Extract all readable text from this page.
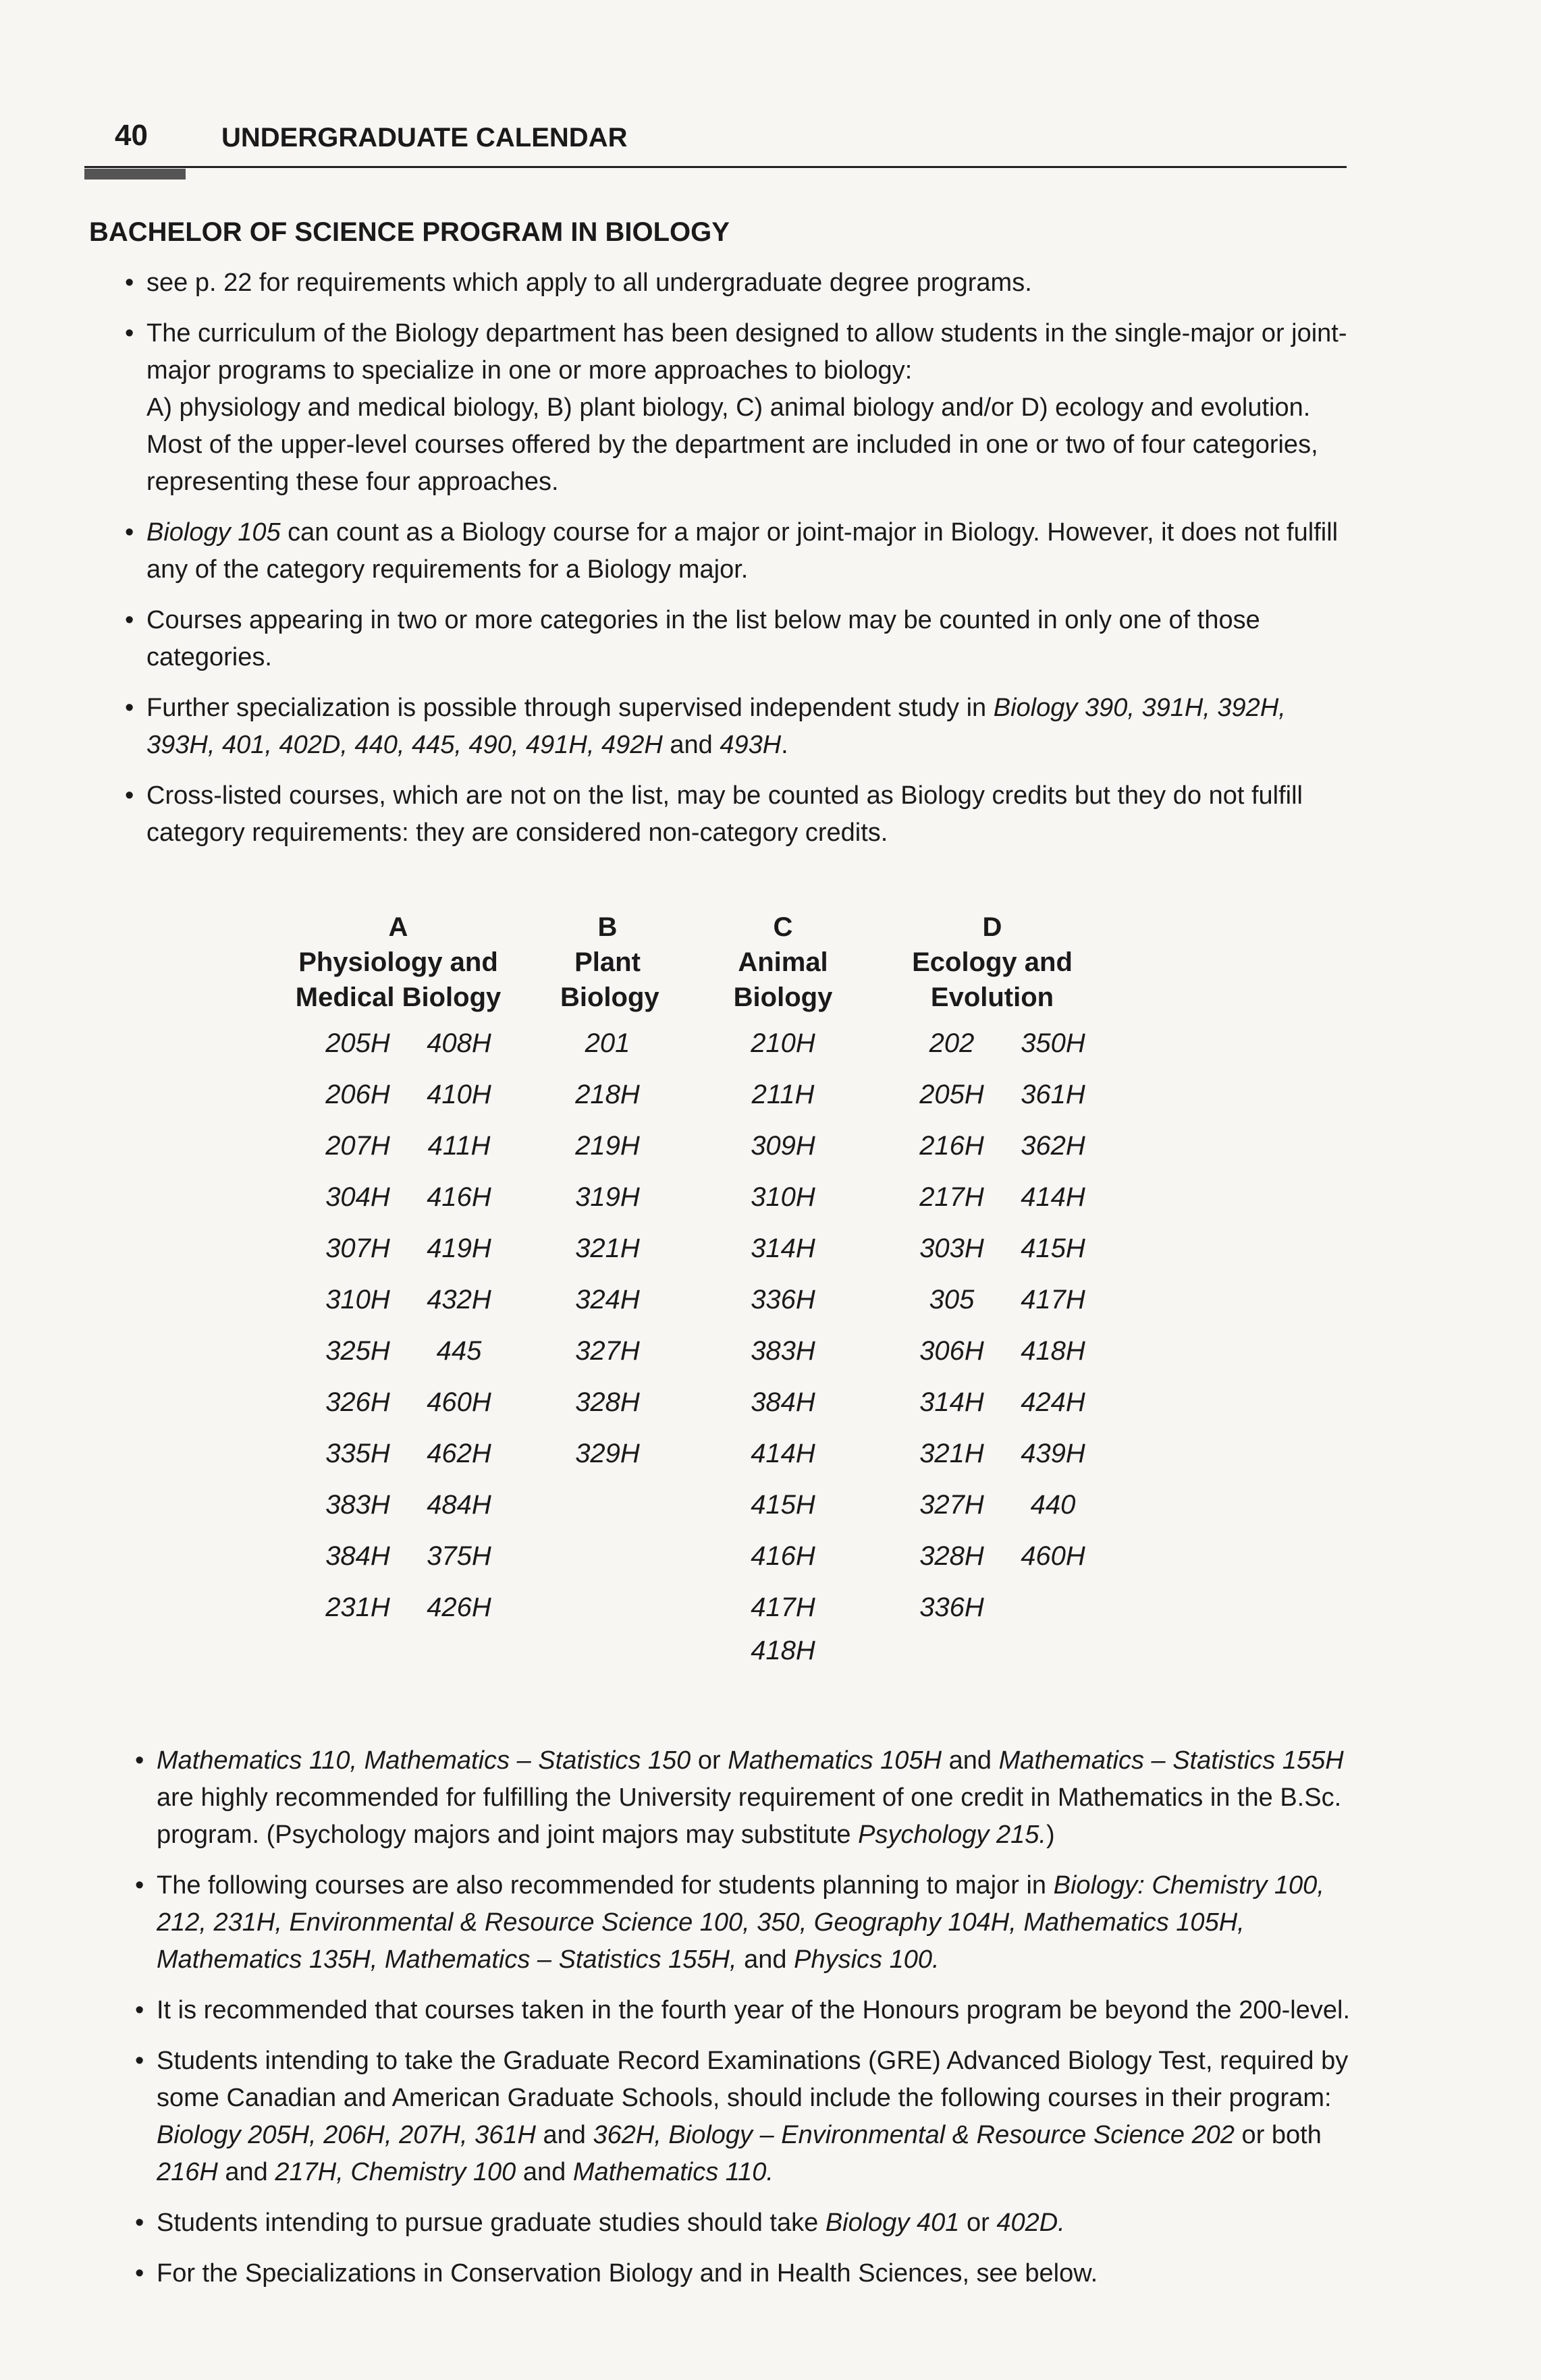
40	UNDERGRADUATE CALENDAR
BACHELOR OF SCIENCE PROGRAM IN BIOLOGY
• see p. 22 for requirements which apply to all undergraduate degree programs.
• The curriculum of the Biology department has been designed to allow students in the single-major or joint-major programs to specialize in one or more approaches to biology:
A) physiology and medical biology, B) plant biology, C) animal biology and/or D) ecology and evolution. Most of the upper-level courses offered by the department are included in one or two of four categories, representing these four approaches.
• Biology 105 can count as a Biology course for a major or joint-major in Biology. However, it does not fulfill any of the category requirements for a Biology major.
• Courses appearing in two or more categories in the list below may be counted in only one of those categories.
• Further specialization is possible through supervised independent study in Biology 390, 391H, 392H, 393H, 401, 402D, 440, 445, 490, 491H, 492H and 493H.
• Cross-listed courses, which are not on the list, may be counted as Biology credits but they do not fulfill category requirements: they are considered non-category credits.
A
Physiology and
Medical Biology
B
Plant
Biology
C
Animal
Biology
D
Ecology and
Evolution
205H
206H
207H
304H
307H
310H
325H
326H
335H
383H
384H
231H
408H
410H
411H
416H
419H
432H
445
460H
462H
484H
375H
426H
201
218H
219H
319H
321H
324H
327H
328H
329H
210H
211H
309H
310H
314H
336H
383H
384H
414H
415H
416H
417H
418H
202
205H
216H
217H
303H
305
306H
314H
321H
327H
328H
336H
350H
361H
362H
414H
415H
417H
418H
424H
439H
440
460H
• Mathematics 110, Mathematics – Statistics 150 or Mathematics 105H and Mathematics – Statistics 155H are highly recommended for fulfilling the University requirement of one credit in Mathematics in the B.Sc. program. (Psychology majors and joint majors may substitute Psychology 215.)
• The following courses are also recommended for students planning to major in Biology: Chemistry 100, 212, 231H, Environmental & Resource Science 100, 350, Geography 104H, Mathematics 105H, Mathematics 135H, Mathematics – Statistics 155H, and Physics 100.
• It is recommended that courses taken in the fourth year of the Honours program be beyond the 200-level.
• Students intending to take the Graduate Record Examinations (GRE) Advanced Biology Test, required by some Canadian and American Graduate Schools, should include the following courses in their program: Biology 205H, 206H, 207H, 361H and 362H, Biology – Environmental & Resource Science 202 or both 216H and 217H, Chemistry 100 and Mathematics 110.
• Students intending to pursue graduate studies should take Biology 401 or 402D.
• For the Specializations in Conservation Biology and in Health Sciences, see below.
